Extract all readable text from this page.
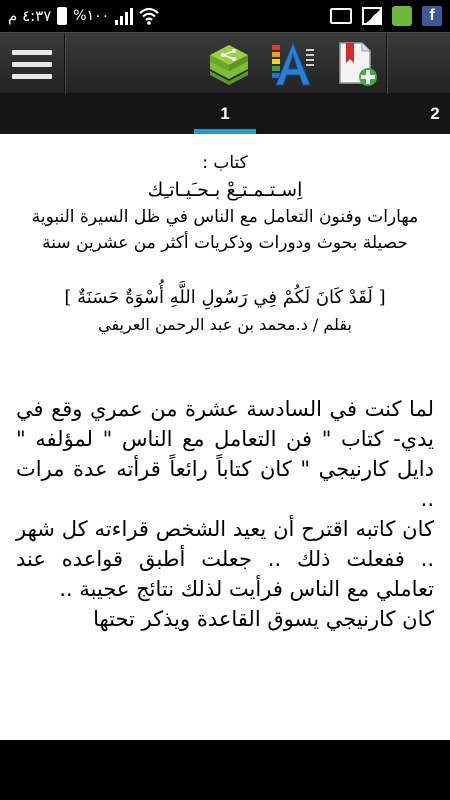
٤:٣٧ م %١٠٠	f
1	2
كتاب :
اِسـتـمـتـِعْ بـحـَيـاتـِك
مهارات وفنون التعامل مع الناس في ظل السيرة النبوية
حصيلة بحوث ودورات وذكريات أكثر من عشرين سنة
[ لَقَدْ كَانَ لَكُمْ فِي رَسُولِ اللَّهِ أُسْوَةٌ حَسَنَةٌ ]
بقلم / د.محمد بن عبد الرحمن العريفي

لما كنت في السادسة عشرة من عمري وقع في يدي- كتاب " فن التعامل مع الناس " لمؤلفه " دايل كارنيجي " كان كتاباً رائعاً قرأته عدة مرات ..

كان كاتبه اقترح أن يعيد الشخص قراءته كل شهر .. ففعلت ذلك .. جعلت أطبق قواعده عند تعاملي مع الناس فرأيت لذلك نتائج عجيبة ..

كان كارنيجي يسوق القاعدة ويذكر تحتها
